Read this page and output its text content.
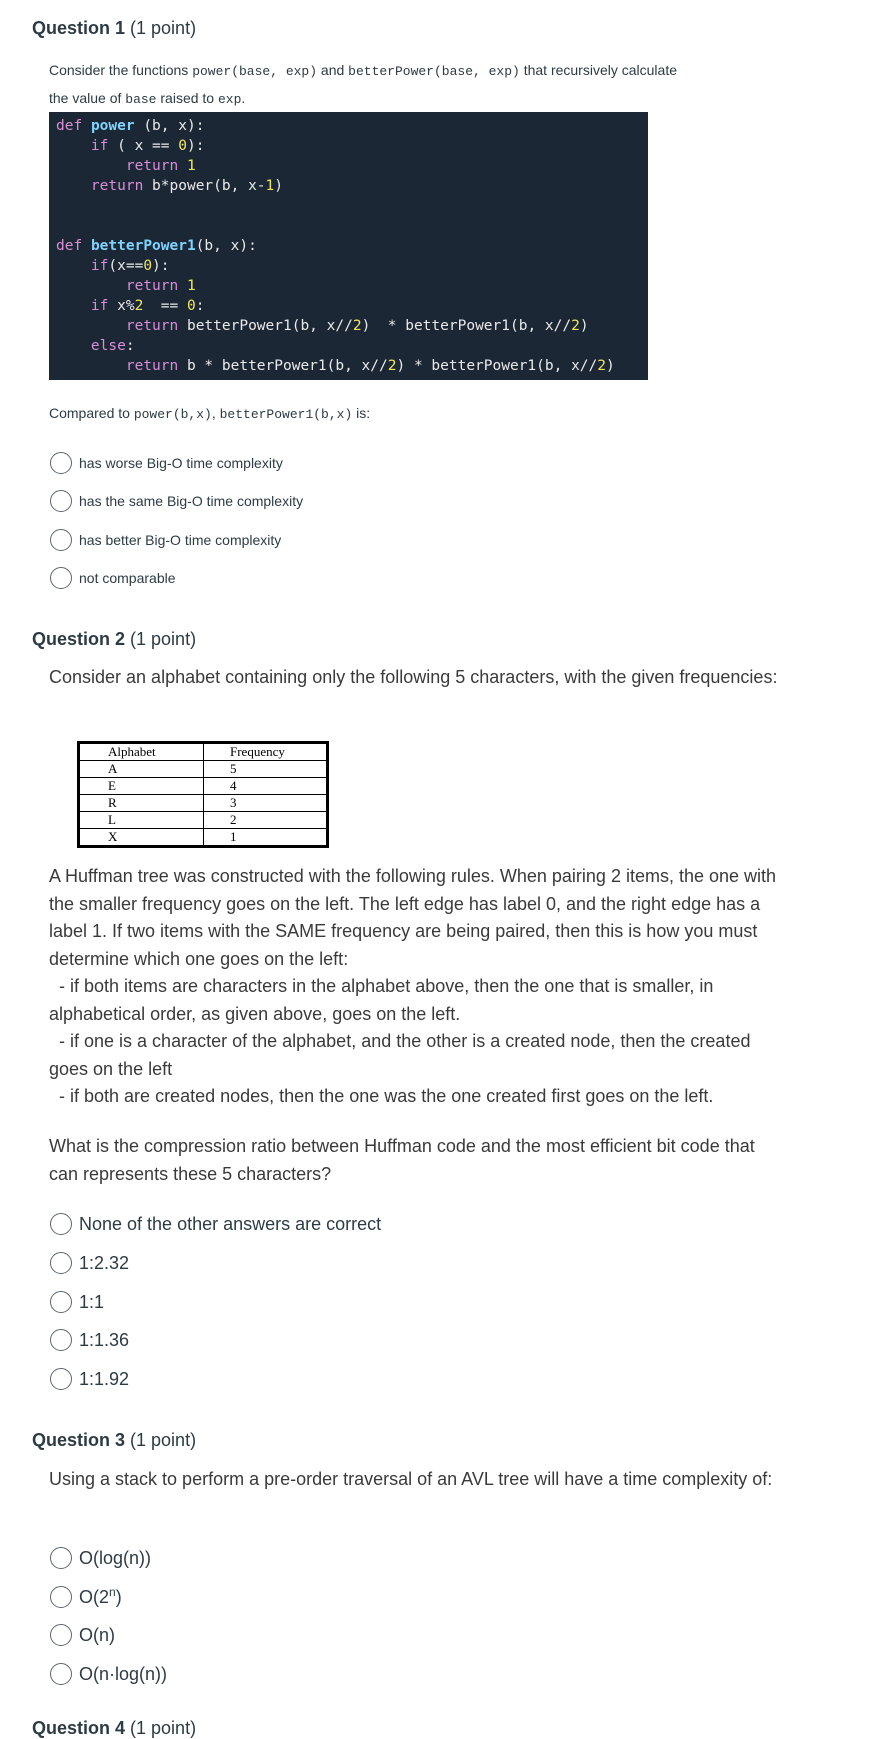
Question 1 (1 point)
Consider the functions power(base, exp) and betterPower(base, exp) that recursively calculate
the value of base raised to exp.
def power (b, x):
if ( x == 0):
return 1
return b*power(b, x-1)

def betterPower1(b, x):
if(x==0):
return 1
if x%2  == 0:
return betterPower1(b, x//2)  * betterPower1(b, x//2)
else:
return b * betterPower1(b, x//2) * betterPower1(b, x//2)
Compared to power(b,x), betterPower1(b,x) is:
has worse Big-O time complexity
has the same Big-O time complexity
has better Big-O time complexity
not comparable
Question 2 (1 point)
Consider an alphabet containing only the following 5 characters, with the given frequencies:
Alphabet	Frequency
A	5
E	4
R	3
L	2
X	1

A Huffman tree was constructed with the following rules. When pairing 2 items, the one with the smaller frequency goes on the left. The left edge has label 0, and the right edge has a label 1. If two items with the SAME frequency are being paired, then this is how you must determine which one goes on the left:

- if both items are characters in the alphabet above, then the one that is smaller, in alphabetical order, as given above, goes on the left.

- if one is a character of the alphabet, and the other is a created node, then the created goes on the left

- if both are created nodes, then the one was the one created first goes on the left.

What is the compression ratio between Huffman code and the most efficient bit code that can represents these 5 characters?
None of the other answers are correct
1:2.32
1:1
1:1.36
1:1.92
Question 3 (1 point)
Using a stack to perform a pre-order traversal of an AVL tree will have a time complexity of:
O(log(n))
O(2$^n$)
O(n)
O(n·log(n))
Question 4 (1 point)
